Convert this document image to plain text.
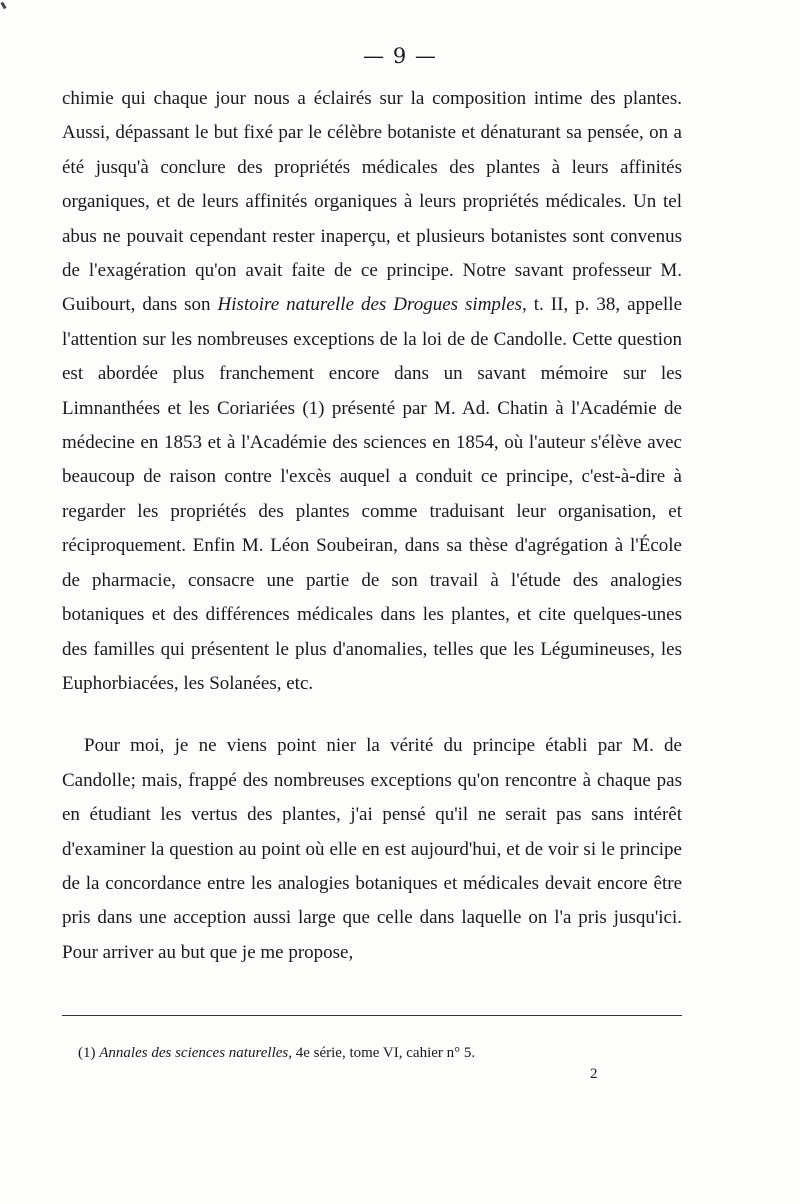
— 9 —

chimie qui chaque jour nous a éclairés sur la composition intime des plantes. Aussi, dépassant le but fixé par le célèbre botaniste et dénaturant sa pensée, on a été jusqu'à conclure des propriétés médicales des plantes à leurs affinités organiques, et de leurs affinités organiques à leurs propriétés médicales. Un tel abus ne pouvait cependant rester inaperçu, et plusieurs botanistes sont convenus de l'exagération qu'on avait faite de ce principe. Notre savant professeur M. Guibourt, dans son Histoire naturelle des Drogues simples, t. II, p. 38, appelle l'attention sur les nombreuses exceptions de la loi de de Candolle. Cette question est abordée plus franchement encore dans un savant mémoire sur les Limnanthées et les Coriariées (1) présenté par M. Ad. Chatin à l'Académie de médecine en 1853 et à l'Académie des sciences en 1854, où l'auteur s'élève avec beaucoup de raison contre l'excès auquel a conduit ce principe, c'est-à-dire à regarder les propriétés des plantes comme traduisant leur organisation, et réciproquement. Enfin M. Léon Soubeiran, dans sa thèse d'agrégation à l'École de pharmacie, consacre une partie de son travail à l'étude des analogies botaniques et des différences médicales dans les plantes, et cite quelques-unes des familles qui présentent le plus d'anomalies, telles que les Légumineuses, les Euphorbiacées, les Solanées, etc.

Pour moi, je ne viens point nier la vérité du principe établi par M. de Candolle; mais, frappé des nombreuses exceptions qu'on rencontre à chaque pas en étudiant les vertus des plantes, j'ai pensé qu'il ne serait pas sans intérêt d'examiner la question au point où elle en est aujourd'hui, et de voir si le principe de la concordance entre les analogies botaniques et médicales devait encore être pris dans une acception aussi large que celle dans laquelle on l'a pris jusqu'ici. Pour arriver au but que je me propose,

(1) Annales des sciences naturelles, 4e série, tome VI, cahier n° 5.
2
